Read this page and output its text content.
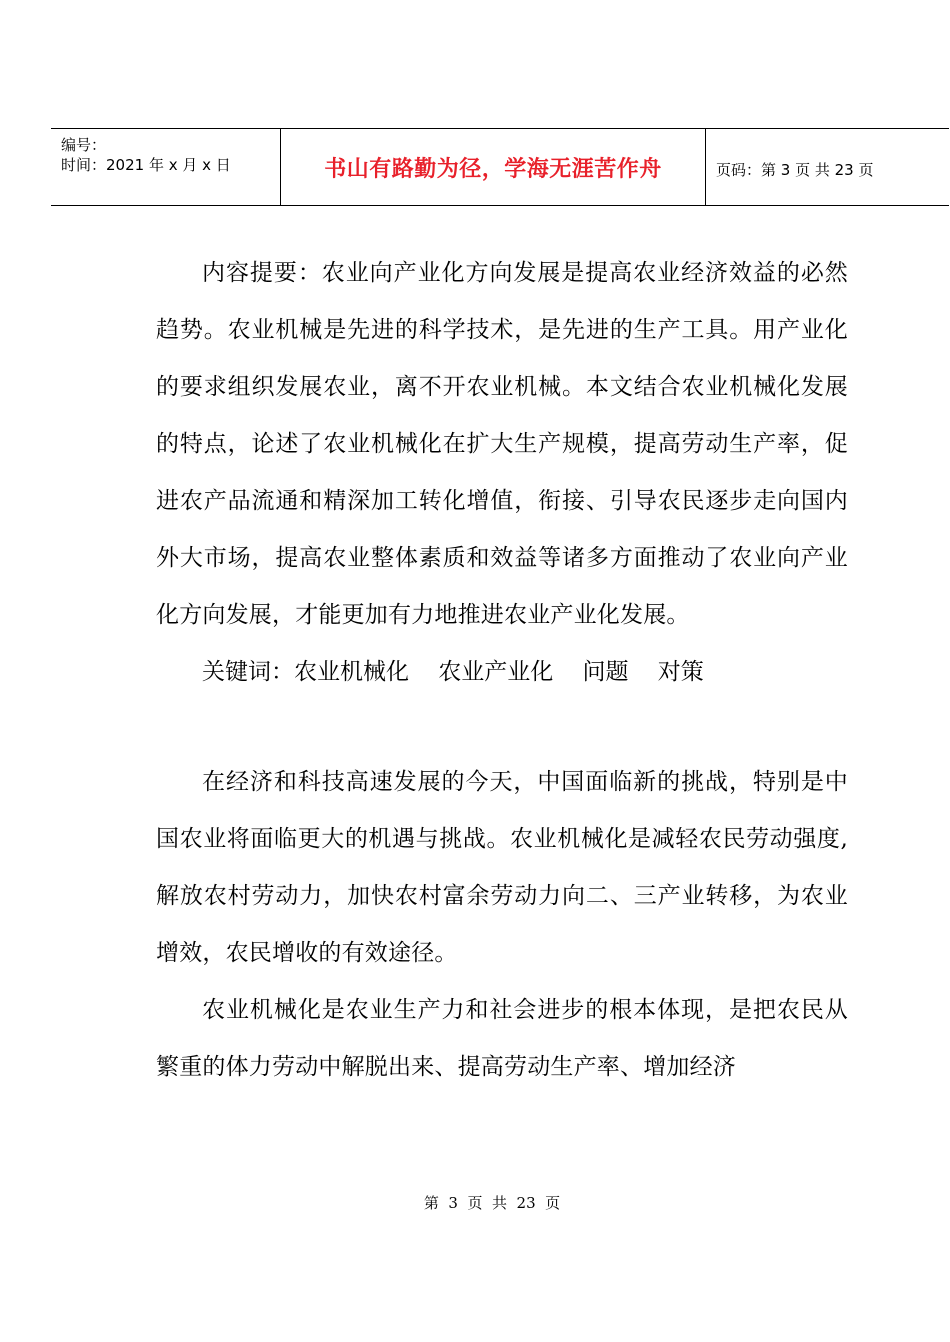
编号：
时间：2021 年 x 月 x 日	书山有路勤为径，学海无涯苦作舟	页码：第 3 页 共 23 页

内容提要：农业向产业化方向发展是提高农业经济效益的必然趋势。农业机械是先进的科学技术，是先进的生产工具。用产业化的要求组织发展农业，离不开农业机械。本文结合农业机械化发展的特点，论述了农业机械化在扩大生产规模，提高劳动生产率，促进农产品流通和精深加工转化增值，衔接、引导农民逐步走向国内外大市场，提高农业整体素质和效益等诸多方面推动了农业向产业化方向发展，才能更加有力地推进农业产业化发展。

关键词：农业机械化    农业产业化    问题    对策

在经济和科技高速发展的今天，中国面临新的挑战，特别是中国农业将面临更大的机遇与挑战。农业机械化是减轻农民劳动强度,解放农村劳动力，加快农村富余劳动力向二、三产业转移，为农业增效，农民增收的有效途径。

农业机械化是农业生产力和社会进步的根本体现，是把农民从繁重的体力劳动中解脱出来、提高劳动生产率、增加经济

第  3  页  共  23  页
